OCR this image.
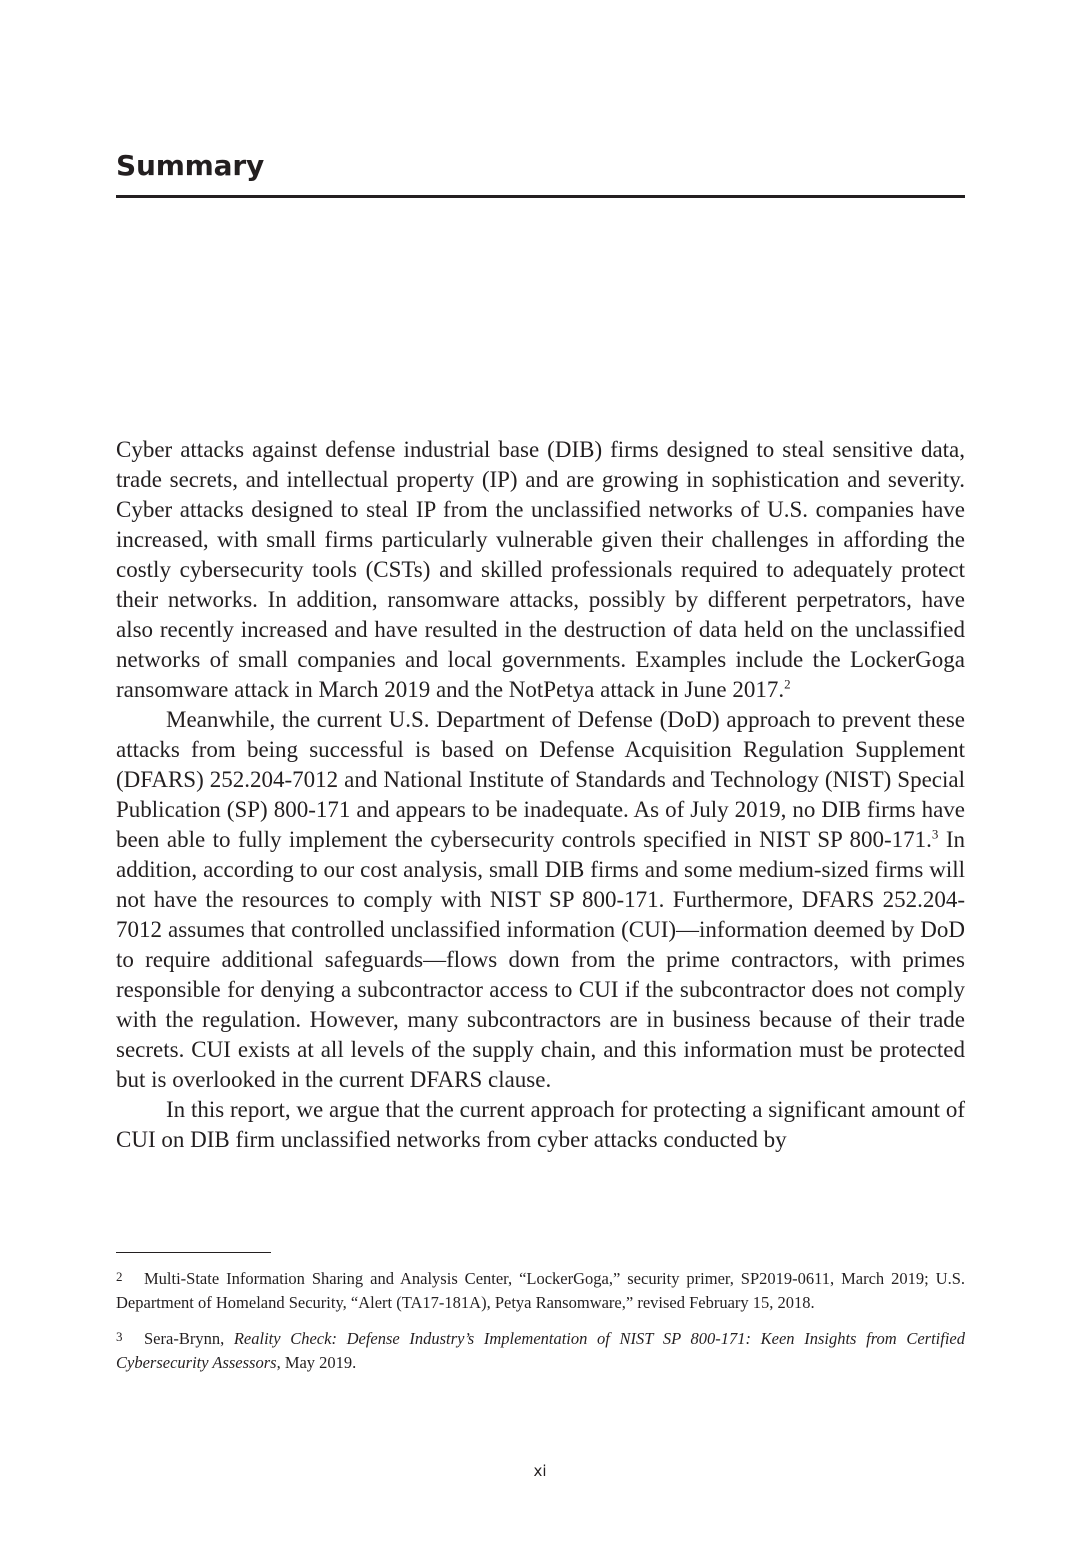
Summary

Cyber attacks against defense industrial base (DIB) firms designed to steal sensitive data, trade secrets, and intellectual property (IP) and are growing in sophistication and severity. Cyber attacks designed to steal IP from the unclassified networks of U.S. companies have increased, with small firms particularly vulnerable given their challenges in affording the costly cybersecurity tools (CSTs) and skilled professionals required to adequately protect their networks. In addition, ransomware attacks, possibly by different perpetrators, have also recently increased and have resulted in the destruction of data held on the unclassified networks of small companies and local governments. Examples include the LockerGoga ransomware attack in March 2019 and the NotPetya attack in June 2017.$^2$

Meanwhile, the current U.S. Department of Defense (DoD) approach to prevent these attacks from being successful is based on Defense Acquisition Regulation Supplement (DFARS) 252.204-7012 and National Institute of Standards and Technology (NIST) Special Publication (SP) 800-171 and appears to be inadequate. As of July 2019, no DIB firms have been able to fully implement the cybersecurity controls specified in NIST SP 800-171.$^3$ In addition, according to our cost analysis, small DIB firms and some medium-sized firms will not have the resources to comply with NIST SP 800-171. Furthermore, DFARS 252.204-7012 assumes that controlled unclassified information (CUI)—information deemed by DoD to require additional safeguards—flows down from the prime contractors, with primes responsible for denying a subcontractor access to CUI if the subcontractor does not comply with the regulation. However, many subcontractors are in business because of their trade secrets. CUI exists at all levels of the supply chain, and this information must be protected but is overlooked in the current DFARS clause.

In this report, we argue that the current approach for protecting a significant amount of CUI on DIB firm unclassified networks from cyber attacks conducted by

2 Multi-State Information Sharing and Analysis Center, “LockerGoga,” security primer, SP2019-0611, March 2019; U.S. Department of Homeland Security, “Alert (TA17-181A), Petya Ransomware,” revised February 15, 2018.

3 Sera-Brynn, Reality Check: Defense Industry’s Implementation of NIST SP 800-171: Keen Insights from Certified Cybersecurity Assessors, May 2019.

xi
